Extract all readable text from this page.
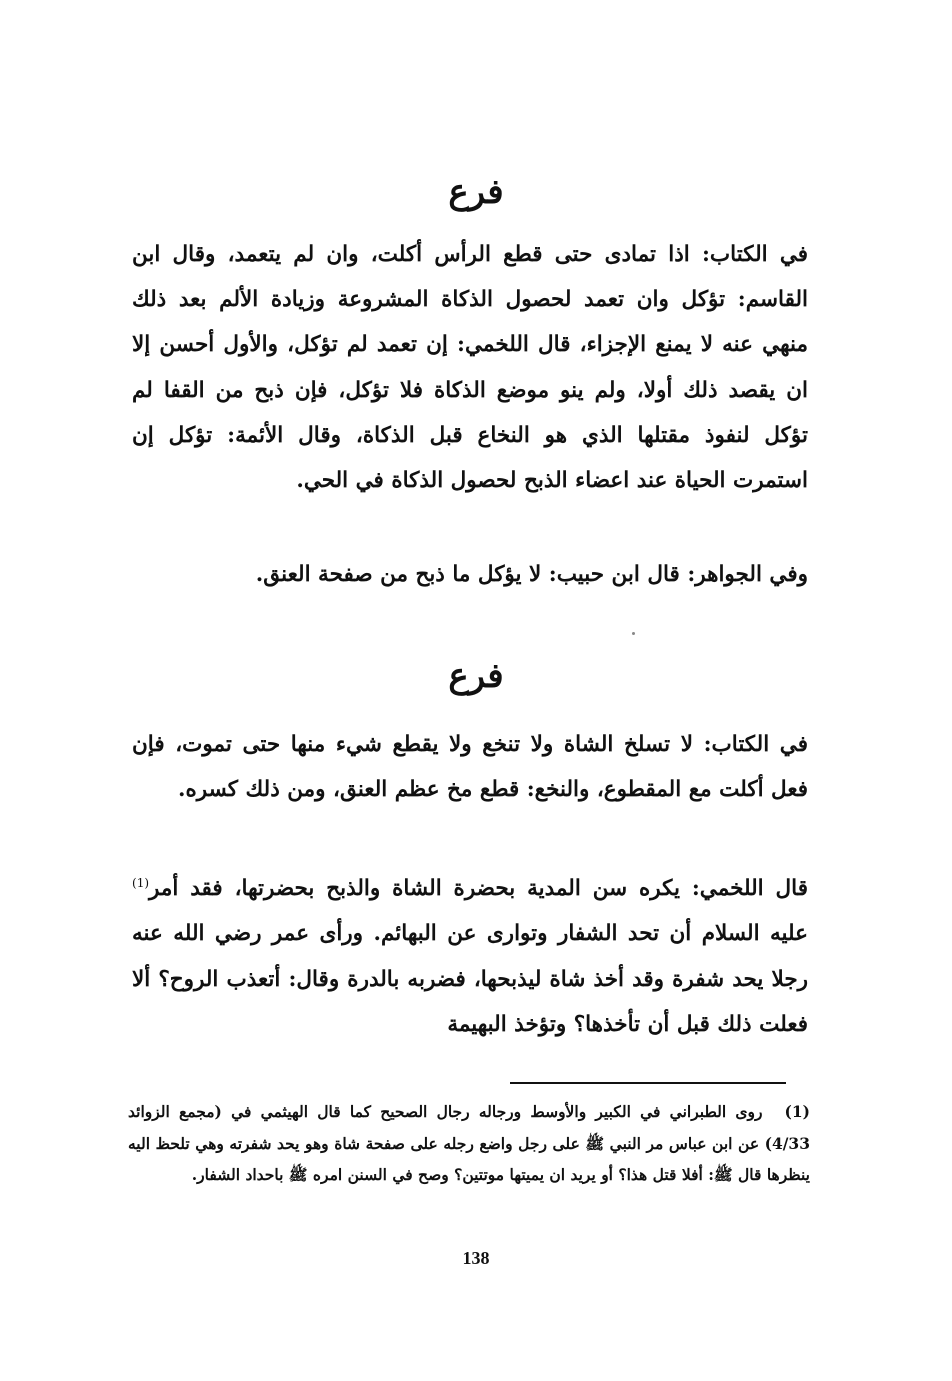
فرع
في الكتاب: اذا تمادى حتى قطع الرأس أكلت، وان لم يتعمد، وقال ابن القاسم: تؤكل وان تعمد لحصول الذكاة المشروعة وزيادة الألم بعد ذلك منهي عنه لا يمنع الإجزاء، قال اللخمي: إن تعمد لم تؤكل، والأول أحسن إلا ان يقصد ذلك أولا، ولم ينو موضع الذكاة فلا تؤكل، فإن ذبح من القفا لم تؤكل لنفوذ مقتلها الذي هو النخاع قبل الذكاة، وقال الأئمة: تؤكل إن استمرت الحياة عند اعضاء الذبح لحصول الذكاة في الحي.
وفي الجواهر: قال ابن حبيب: لا يؤكل ما ذبح من صفحة العنق.
فرع
في الكتاب: لا تسلخ الشاة ولا تنخع ولا يقطع شيء منها حتى تموت، فإن فعل أكلت مع المقطوع، والنخع: قطع مخ عظم العنق، ومن ذلك كسره.
قال اللخمي: يكره سن المدية بحضرة الشاة والذبح بحضرتها، فقد أمر$^{(1)}$ عليه السلام أن تحد الشفار وتوارى عن البهائم. ورأى عمر رضي الله عنه رجلا يحد شفرة وقد أخذ شاة ليذبحها، فضربه بالدرة وقال: أتعذب الروح؟ ألا فعلت ذلك قبل أن تأخذها؟ وتؤخذ البهيمة
(1)روى الطبراني في الكبير والأوسط ورجاله رجال الصحيح كما قال الهيثمي في (مجمع الزوائد 4/33) عن ابن عباس مر النبي ﷺ على رجل واضع رجله على صفحة شاة وهو يحد شفرته وهي تلحظ اليه ينظرها قال ﷺ: أفلا قتل هذا؟ أو يريد ان يميتها موتتين؟ وصح في السنن امره ﷺ باحداد الشفار.
138
